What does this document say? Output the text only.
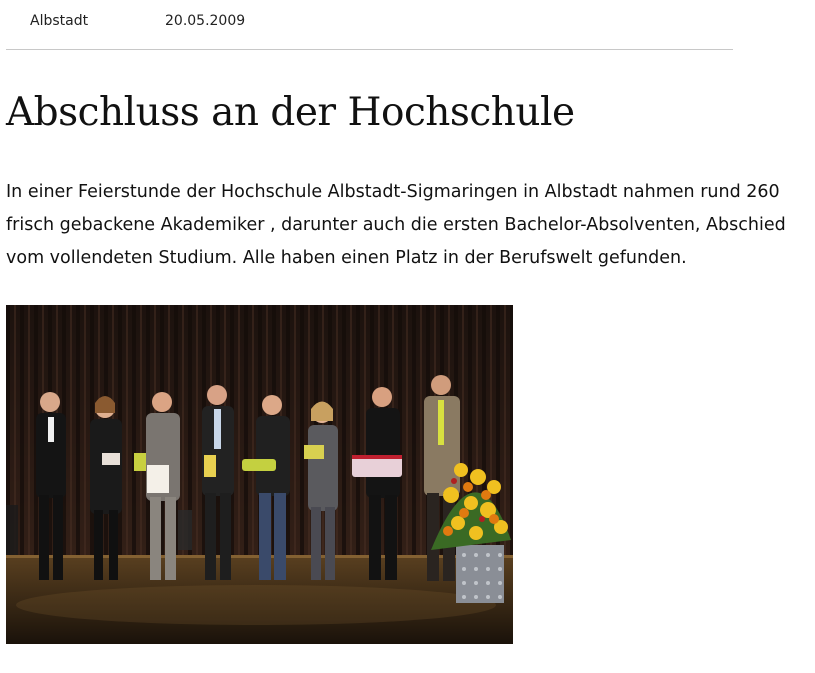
Albstadt	20.05.2009
Abschluss an der Hochschule

In einer Feierstunde der Hochschule Albstadt-Sigmaringen in Albstadt nahmen rund 260 frisch gebackene Akademiker , darunter auch die ersten Bachelor-Absolventen, Abschied vom vollendeten Studium. Alle haben einen Platz in der Berufswelt gefunden.
